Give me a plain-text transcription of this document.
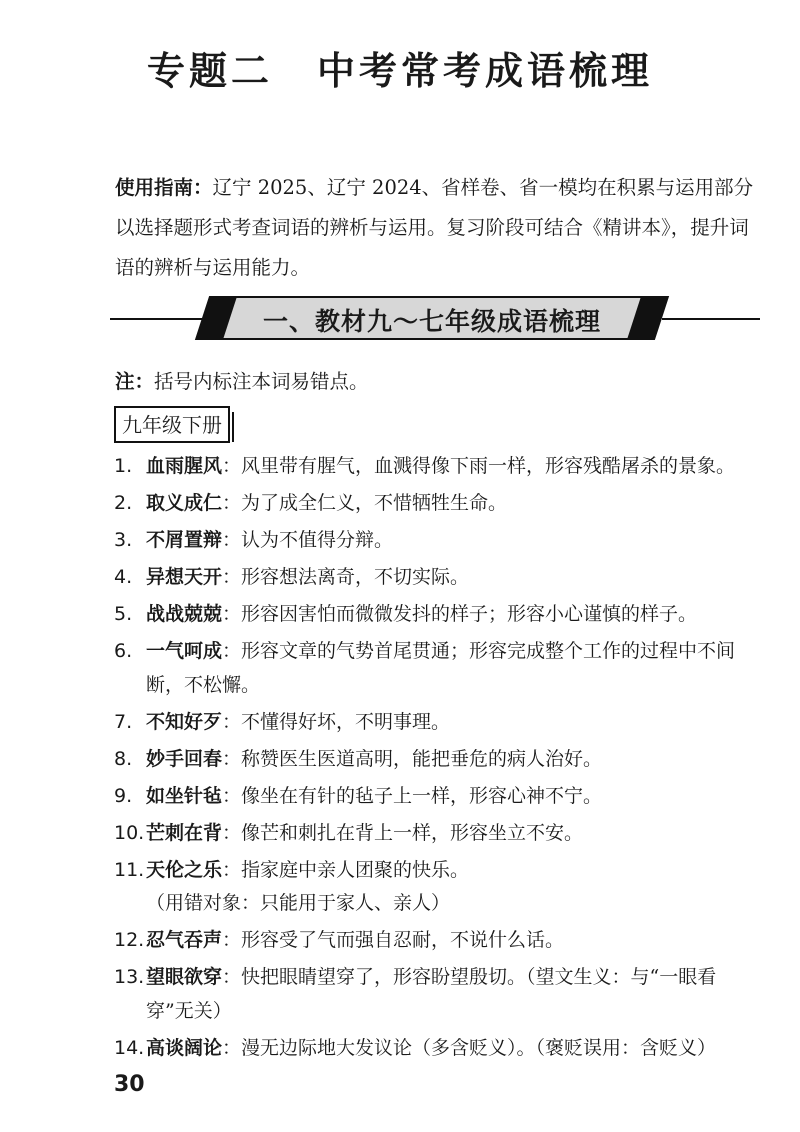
专题二 中考常考成语梳理
使用指南：辽宁 2025、辽宁 2024、省样卷、省一模均在积累与运用部分以选择题形式考查词语的辨析与运用。复习阶段可结合《精讲本》，提升词语的辨析与运用能力。
一、教材九～七年级成语梳理
注：括号内标注本词易错点。
九年级下册
1. 血雨腥风：风里带有腥气，血溅得像下雨一样，形容残酷屠杀的景象。
2. 取义成仁：为了成全仁义，不惜牺牲生命。
3. 不屑置辩：认为不值得分辩。
4. 异想天开：形容想法离奇，不切实际。
5. 战战兢兢：形容因害怕而微微发抖的样子；形容小心谨慎的样子。
6. 一气呵成：形容文章的气势首尾贯通；形容完成整个工作的过程中不间断，不松懈。
7. 不知好歹：不懂得好坏，不明事理。
8. 妙手回春：称赞医生医道高明，能把垂危的病人治好。
9. 如坐针毡：像坐在有针的毡子上一样，形容心神不宁。
10. 芒刺在背：像芒和刺扎在背上一样，形容坐立不安。
11. 天伦之乐：指家庭中亲人团聚的快乐。（用错对象：只能用于家人、亲人）
12. 忍气吞声：形容受了气而强自忍耐，不说什么话。
13. 望眼欲穿：快把眼睛望穿了，形容盼望殷切。（望文生义：与“一眼看穿”无关）
14. 高谈阔论：漫无边际地大发议论（多含贬义）。（褒贬误用：含贬义）
30
